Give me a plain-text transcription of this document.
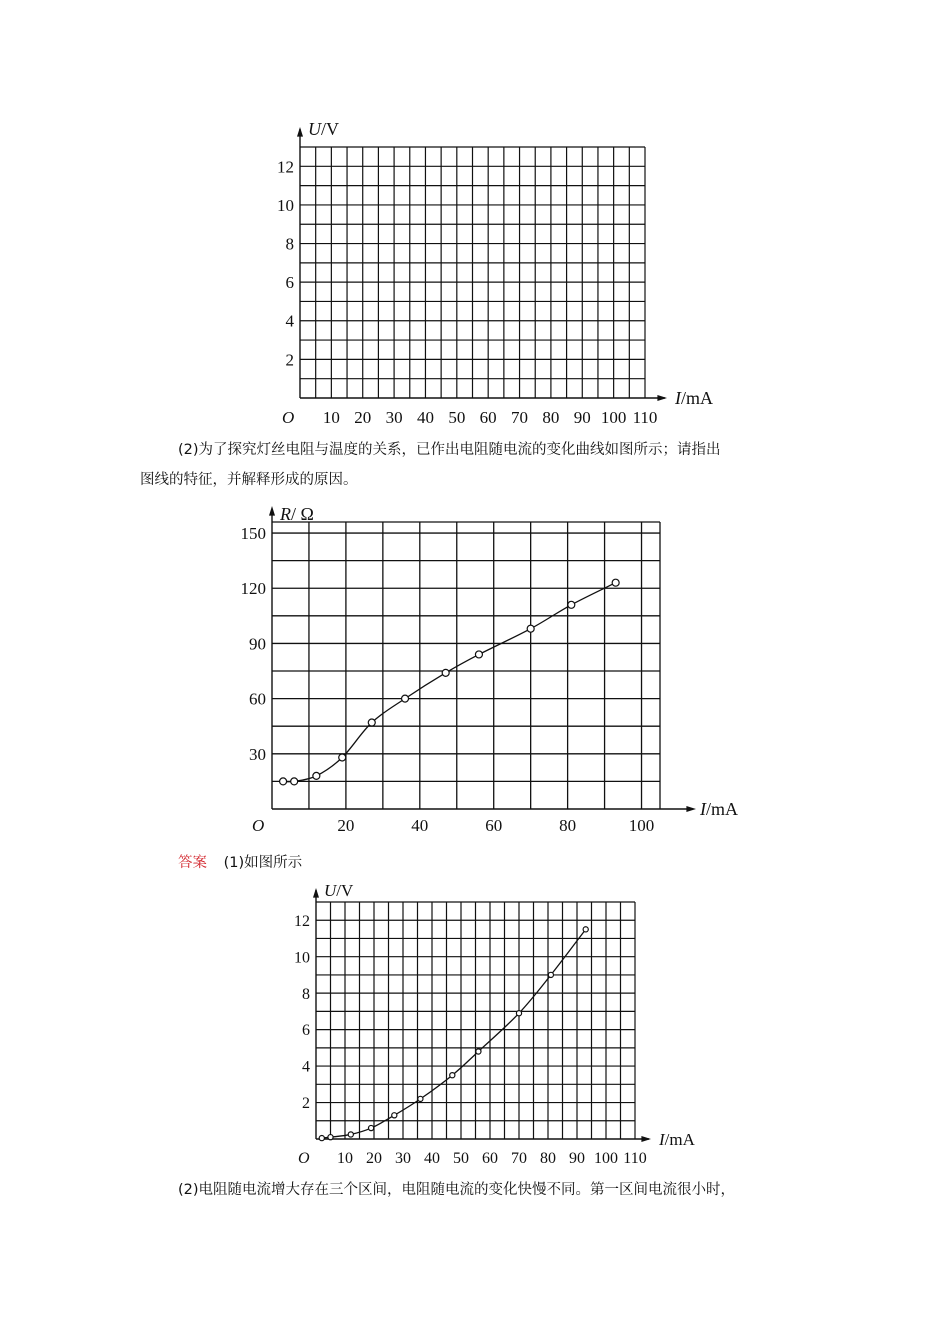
10 20 30 40 50 60 70 80 90 100 110
2
4
6
8
10
12
O
U/V
I/mA

(2)为了探究灯丝电阻与温度的关系，已作出电阻随电流的变化曲线如图所示；请指出
图线的特征，并解释形成的原因。

20	40	60	80	100
30
60
90
120
150
O
R/ Ω
I/mA

答案 (1)如图所示

10 20 30 40 50 60 70 80 90 100 110
2
4
6
8
10
12
O
U/V
I/mA

(2)电阻随电流增大存在三个区间，电阻随电流的变化快慢不同。第一区间电流很小时，
